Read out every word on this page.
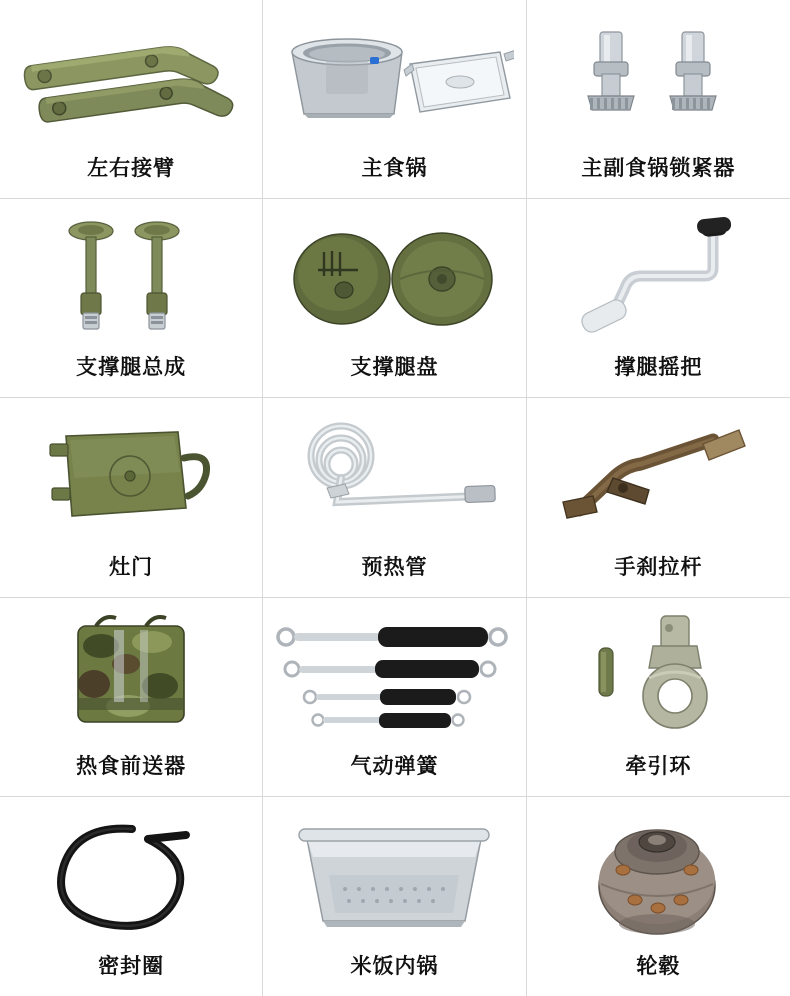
左右接臂	主食锅	主副食锅锁紧器
支撑腿总成	支撑腿盘	撑腿摇把
灶门	预热管	手刹拉杆
热食前送器	气动弹簧	牵引环
密封圈	米饭内锅	轮毂
